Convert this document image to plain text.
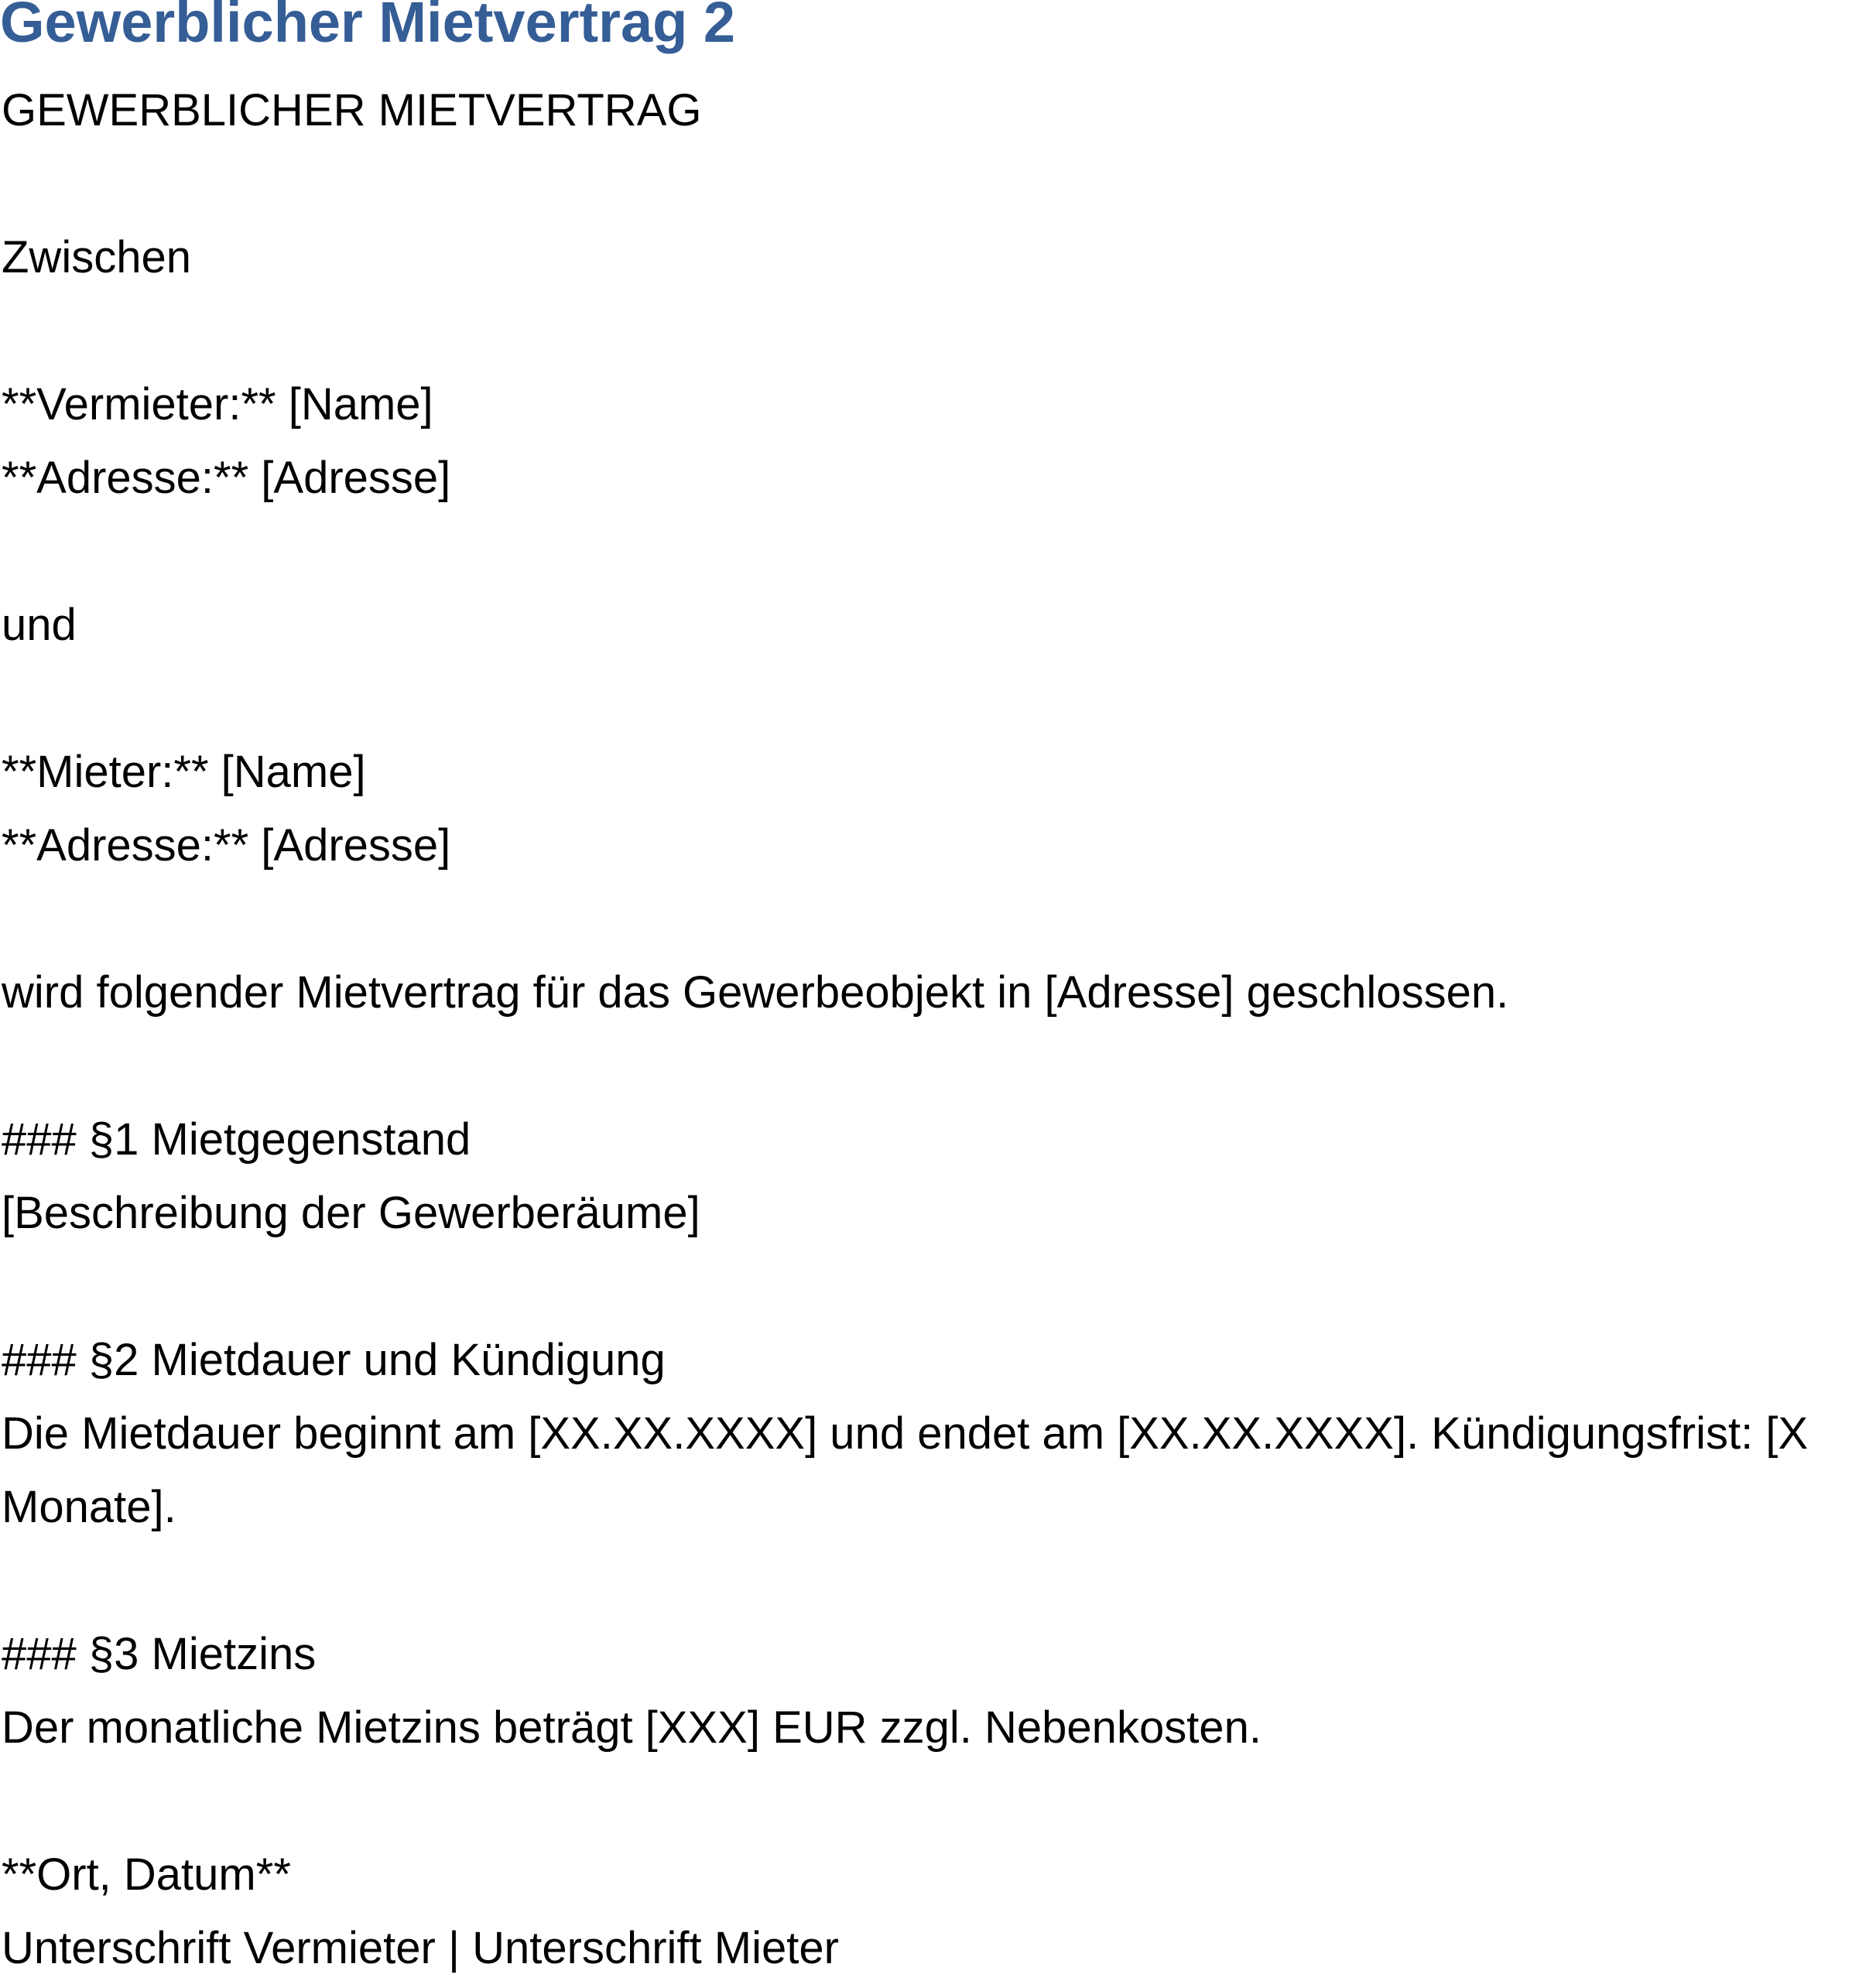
Gewerblicher Mietvertrag 2

GEWERBLICHER MIETVERTRAG

Zwischen

**Vermieter:** [Name]

**Adresse:** [Adresse]

und

**Mieter:** [Name]

**Adresse:** [Adresse]

wird folgender Mietvertrag für das Gewerbeobjekt in [Adresse] geschlossen.

### §1 Mietgegenstand

[Beschreibung der Gewerberäume]

### §2 Mietdauer und Kündigung

Die Mietdauer beginnt am [XX.XX.XXXX] und endet am [XX.XX.XXXX]. Kündigungsfrist: [X

Monate].

### §3 Mietzins

Der monatliche Mietzins beträgt [XXX] EUR zzgl. Nebenkosten.

**Ort, Datum**

Unterschrift Vermieter | Unterschrift Mieter
